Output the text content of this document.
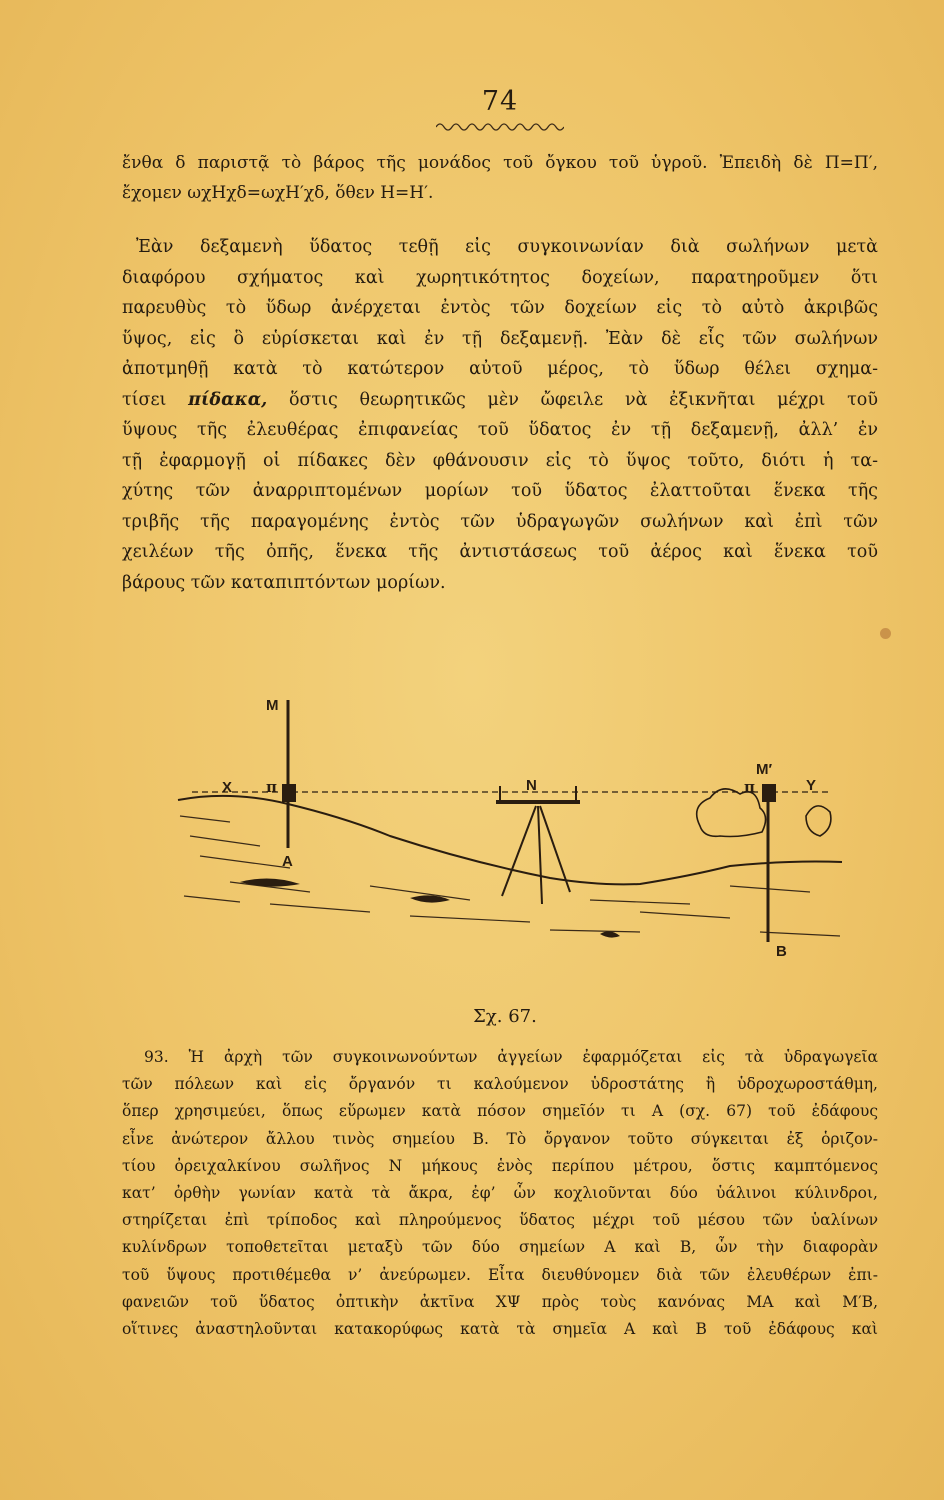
74
ἔνθα δ παριστᾷ τὸ βάρος τῆς μονάδος τοῦ ὄγκου τοῦ ὑγροῦ. Ἐπειδὴ δὲ Π=Π′,
ἔχομεν ωχΗχδ=ωχΗ′χδ, ὅθεν Η=Η′.
Ἐὰν δεξαμενὴ ὕδατος τεθῇ εἰς συγκοινωνίαν διὰ σωλήνων μετὰ
διαφόρου σχήματος καὶ χωρητικότητος δοχείων, παρατηροῦμεν ὅτι
παρευθὺς τὸ ὕδωρ ἀνέρχεται ἐντὸς τῶν δοχείων εἰς τὸ αὐτὸ ἀκριβῶς
ὕψος, εἰς ὃ εὑρίσκεται καὶ ἐν τῇ δεξαμενῇ. Ἐὰν δὲ εἷς τῶν σωλήνων
ἀποτμηθῇ κατὰ τὸ κατώτερον αὐτοῦ μέρος, τὸ ὕδωρ θέλει σχημα-
τίσει πίδακα, ὅστις θεωρητικῶς μὲν ὤφειλε νὰ ἐξικνῆται μέχρι τοῦ
ὕψους τῆς ἐλευθέρας ἐπιφανείας τοῦ ὕδατος ἐν τῇ δεξαμενῇ, ἀλλ’ ἐν
τῇ ἐφαρμογῇ οἱ πίδακες δὲν φθάνουσιν εἰς τὸ ὕψος τοῦτο, διότι ἡ τα-
χύτης τῶν ἀναρριπτομένων μορίων τοῦ ὕδατος ἐλαττοῦται ἕνεκα τῆς
τριβῆς τῆς παραγομένης ἐντὸς τῶν ὑδραγωγῶν σωλήνων καὶ ἐπὶ τῶν
χειλέων τῆς ὀπῆς, ἕνεκα τῆς ἀντιστάσεως τοῦ ἀέρος καὶ ἕνεκα τοῦ
βάρους τῶν καταπιπτόντων μορίων.
M
X π
A
N
M′
π	Y
B
Σχ. 67.
93. Ἡ ἀρχὴ τῶν συγκοινωνούντων ἀγγείων ἐφαρμόζεται εἰς τὰ ὑδραγωγεῖα
τῶν πόλεων καὶ εἰς ὄργανόν τι καλούμενον ὑδροστάτης ἢ ὑδροχωροστάθμη,
ὅπερ χρησιμεύει, ὅπως εὕρωμεν κατὰ πόσον σημεῖόν τι A (σχ. 67) τοῦ ἐδάφους
εἶνε ἀνώτερον ἄλλου τινὸς σημείου B. Τὸ ὄργανον τοῦτο σύγκειται ἐξ ὁριζον-
τίου ὀρειχαλκίνου σωλῆνος N μήκους ἑνὸς περίπου μέτρου, ὅστις καμπτόμενος
κατ’ ὀρθὴν γωνίαν κατὰ τὰ ἄκρα, ἐφ’ ὧν κοχλιοῦνται δύο ὑάλινοι κύλινδροι,
στηρίζεται ἐπὶ τρίποδος καὶ πληρούμενος ὕδατος μέχρι τοῦ μέσου τῶν ὑαλίνων
κυλίνδρων τοποθετεῖται μεταξὺ τῶν δύο σημείων A καὶ B, ὧν τὴν διαφορὰν
τοῦ ὕψους προτιθέμεθα ν’ ἀνεύρωμεν. Εἶτα διευθύνομεν διὰ τῶν ἐλευθέρων ἐπι-
φανειῶν τοῦ ὕδατος ὀπτικὴν ἀκτῖνα XΨ πρὸς τοὺς κανόνας MA καὶ M′B,
οἵτινες ἀναστηλοῦνται κατακορύφως κατὰ τὰ σημεῖα A καὶ B τοῦ ἐδάφους καὶ
